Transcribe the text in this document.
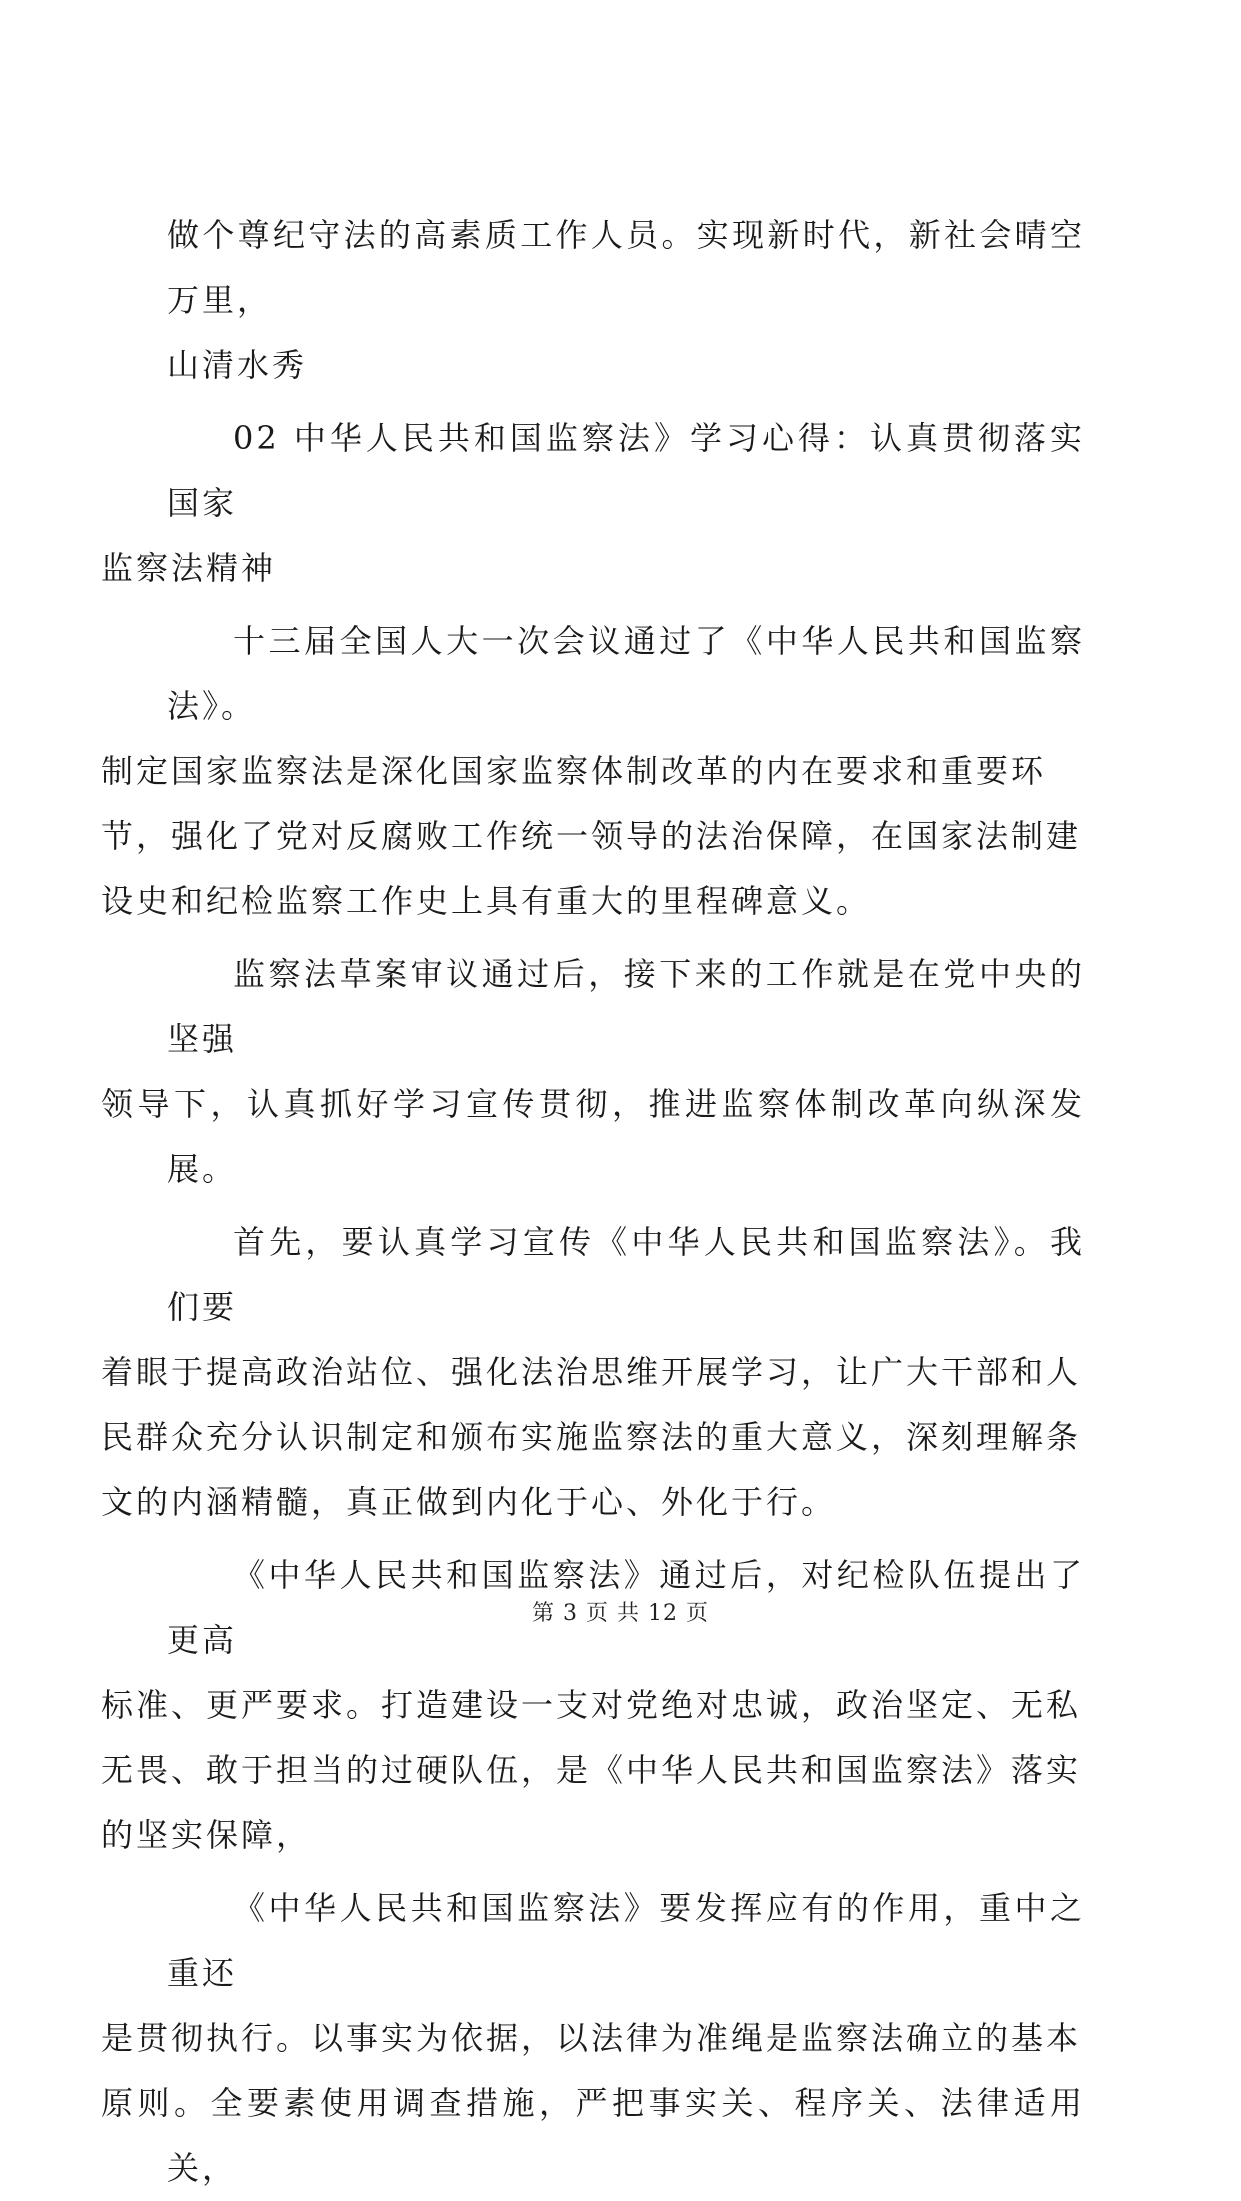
做个尊纪守法的高素质工作人员。实现新时代，新社会晴空万里，
山清水秀

02 中华人民共和国监察法》学习心得：认真贯彻落实国家
监察法精神

十三届全国人大一次会议通过了《中华人民共和国监察法》。
制定国家监察法是深化国家监察体制改革的内在要求和重要环
节，强化了党对反腐败工作统一领导的法治保障，在国家法制建
设史和纪检监察工作史上具有重大的里程碑意义。

监察法草案审议通过后，接下来的工作就是在党中央的坚强
领导下，认真抓好学习宣传贯彻，推进监察体制改革向纵深发展。

首先，要认真学习宣传《中华人民共和国监察法》。我们要
着眼于提高政治站位、强化法治思维开展学习，让广大干部和人
民群众充分认识制定和颁布实施监察法的重大意义，深刻理解条
文的内涵精髓，真正做到内化于心、外化于行。

《中华人民共和国监察法》通过后，对纪检队伍提出了更高
标准、更严要求。打造建设一支对党绝对忠诚，政治坚定、无私
无畏、敢于担当的过硬队伍，是《中华人民共和国监察法》落实
的坚实保障，

《中华人民共和国监察法》要发挥应有的作用，重中之重还
是贯彻执行。以事实为依据，以法律为准绳是监察法确立的基本
原则。全要素使用调查措施，严把事实关、程序关、法律适用关，

第 3 页 共 12 页
